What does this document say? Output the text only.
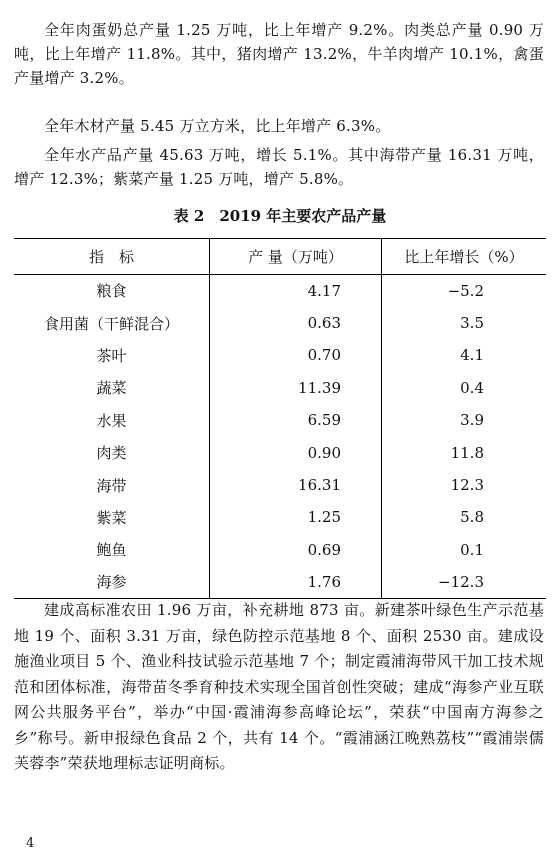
全年肉蛋奶总产量 1.25 万吨，比上年增产 9.2%。肉类总产量 0.90 万吨，比上年增产 11.8%。其中，猪肉增产 13.2%，牛羊肉增产 10.1%，禽蛋产量增产 3.2%。

全年木材产量 5.45 万立方米，比上年增产 6.3%。

全年水产品产量 45.63 万吨，增长 5.1%。其中海带产量 16.31 万吨，增产 12.3%；紫菜产量 1.25 万吨，增产 5.8%。

表 2　2019 年主要农产品产量
指　标	产 量（万吨）	比上年增长（%）
粮食	4.17	−5.2
食用菌（干鲜混合）	0.63	3.5
茶叶	0.70	4.1
蔬菜	11.39	0.4
水果	6.59	3.9
肉类	0.90	11.8
海带	16.31	12.3
紫菜	1.25	5.8
鲍鱼	0.69	0.1
海参	1.76	−12.3

建成高标准农田 1.96 万亩，补充耕地 873 亩。新建茶叶绿色生产示范基地 19 个、面积 3.31 万亩，绿色防控示范基地 8 个、面积 2530 亩。建成设施渔业项目 5 个、渔业科技试验示范基地 7 个；制定霞浦海带风干加工技术规范和团体标准，海带苗冬季育种技术实现全国首创性突破；建成“海参产业互联网公共服务平台”，举办“中国·霞浦海参高峰论坛”，荣获“中国南方海参之乡”称号。新申报绿色食品 2 个，共有 14 个。“霞浦涵江晚熟荔枝”“霞浦崇儒芙蓉李”荣获地理标志证明商标。

4
